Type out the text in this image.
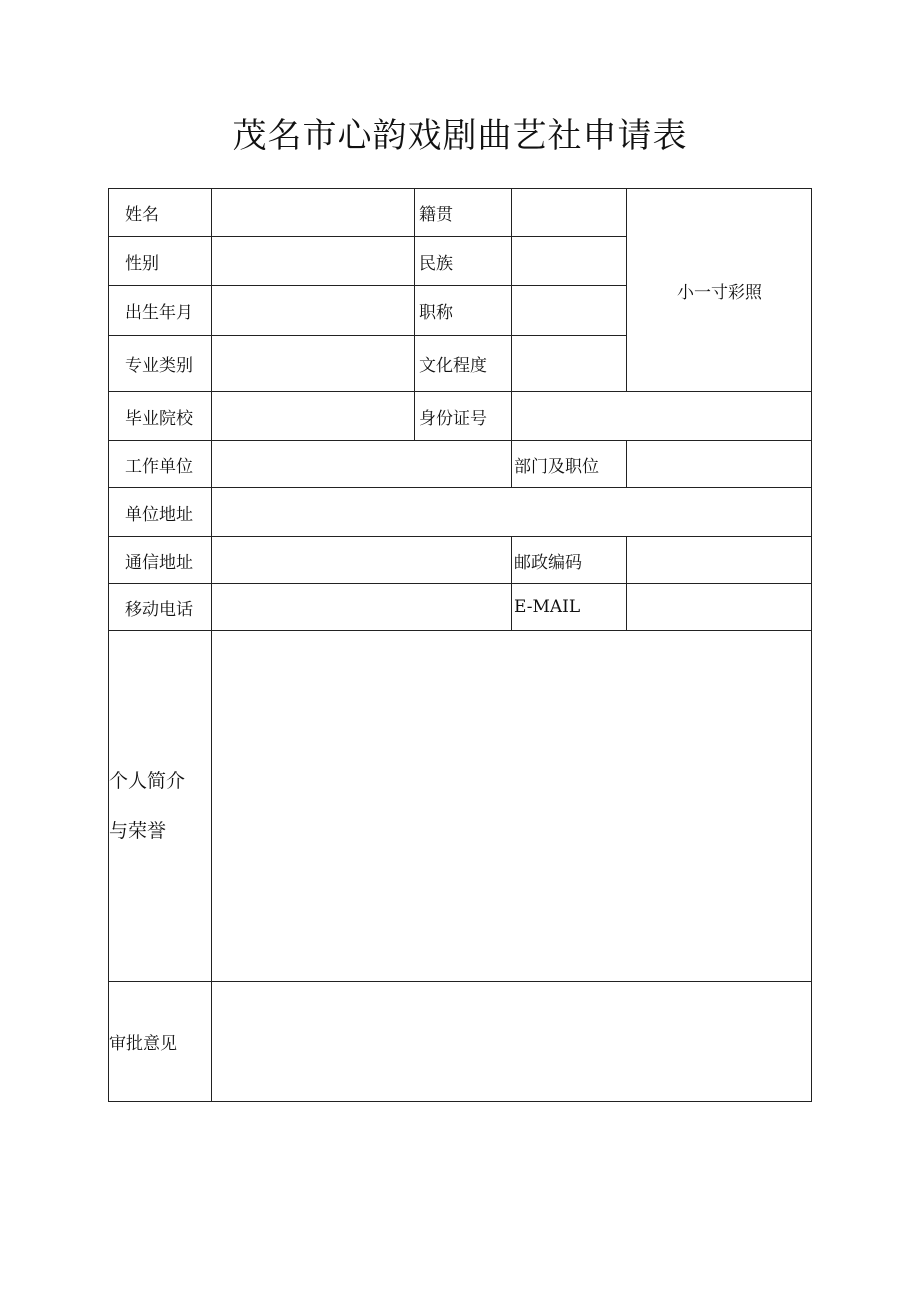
茂名市心韵戏剧曲艺社申请表
姓名	籍贯
小一寸彩照
性别	民族
出生年月	职称
专业类别	文化程度
毕业院校	身份证号
工作单位	部门及职位
单位地址
通信地址	邮政编码
移动电话	E-MAIL
个人简介
与荣誉
审批意见
